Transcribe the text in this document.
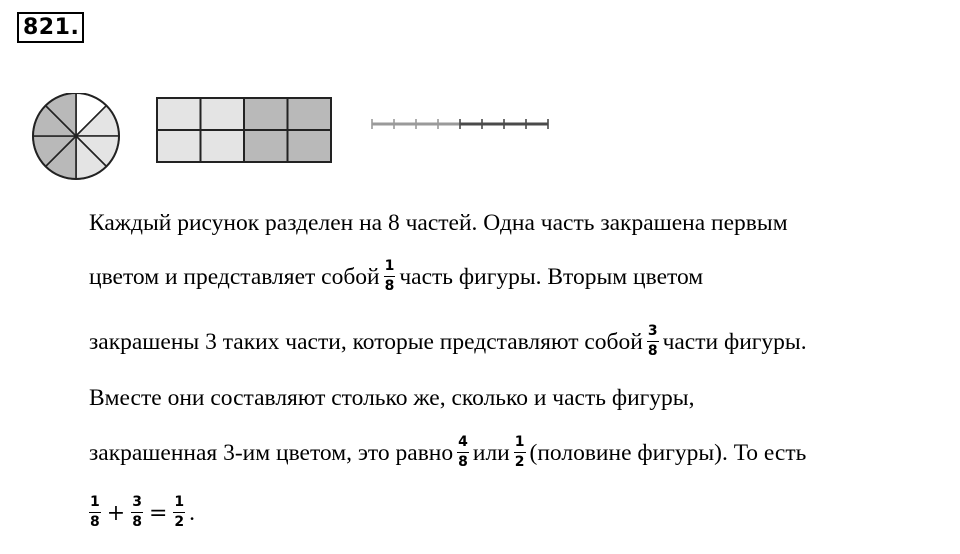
821.
Каждый рисунок разделен на 8 частей. Одна часть закрашена первым
цветом и представляет собой $\frac{1}{8}$ часть фигуры. Вторым цветом
закрашены 3 таких части, которые представляют собой $\frac{3}{8}$ части фигуры.
Вместе они составляют столько же, сколько и часть фигуры,
закрашенная 3-им цветом, это равно $\frac{4}{8}$ или $\frac{1}{2}$ (половине фигуры). То есть
$\frac{1}{8} + \frac{3}{8} = \frac{1}{2}$ .
